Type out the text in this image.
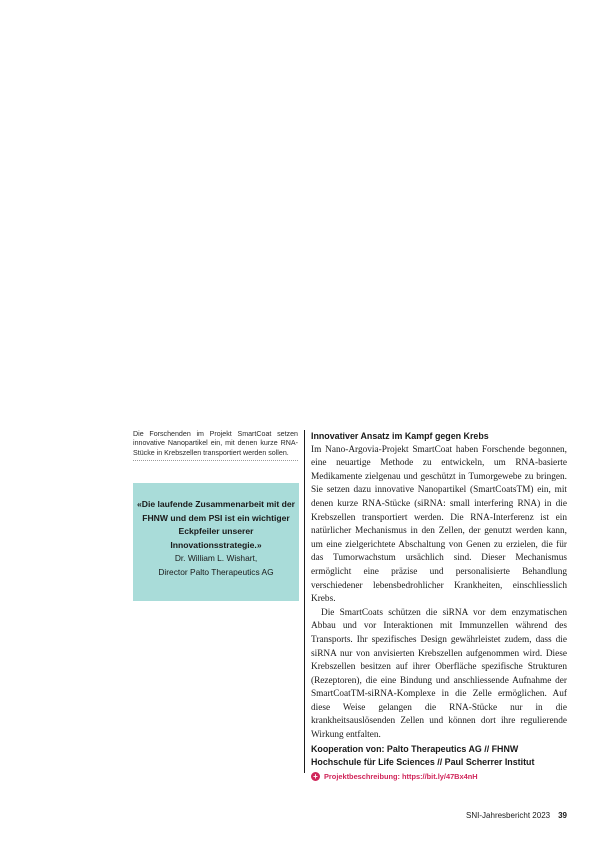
Die Forschenden im Projekt SmartCoat setzen innovative Nanopartikel ein, mit denen kurze RNA-Stücke in Krebszellen transportiert werden sollen.
«Die laufende Zusammenarbeit mit der FHNW und dem PSI ist ein wichtiger Eckpfeiler unserer Innovationsstrategie.»
Dr. William L. Wishart,
Director Palto Therapeutics AG
Innovativer Ansatz im Kampf gegen Krebs

Im Nano-Argovia-Projekt SmartCoat haben Forschende begonnen, eine neuartige Methode zu entwickeln, um RNA-basierte Medikamente zielgenau und geschützt in Tumorgewebe zu bringen. Sie setzen dazu innovative Nanopartikel (SmartCoatsTM) ein, mit denen kurze RNA-Stücke (siRNA: small interfering RNA) in die Krebszellen transportiert werden. Die RNA-Interferenz ist ein natürlicher Mechanismus in den Zellen, der genutzt werden kann, um eine zielgerichtete Abschaltung von Genen zu erzielen, die für das Tumorwachstum ursächlich sind. Dieser Mechanismus ermöglicht eine präzise und personalisierte Behandlung verschiedener lebensbedrohlicher Krankheiten, einschliesslich Krebs.

Die SmartCoats schützen die siRNA vor dem enzymatischen Abbau und vor Interaktionen mit Immunzellen während des Transports. Ihr spezifisches Design gewährleistet zudem, dass die siRNA nur von anvisierten Krebszellen aufgenommen wird. Diese Krebszellen besitzen auf ihrer Oberfläche spezifische Strukturen (Rezeptoren), die eine Bindung und anschliessende Aufnahme der SmartCoatTM-siRNA-Komplexe in die Zelle ermöglichen. Auf diese Weise gelangen die RNA-Stücke nur in die krankheitsauslösenden Zellen und können dort ihre regulierende Wirkung entfalten.

Kooperation von: Palto Therapeutics AG // FHNW Hochschule für Life Sciences // Paul Scherrer Institut
+ Projektbeschreibung: https://bit.ly/47Bx4nH
SNI-Jahresbericht 2023 39
